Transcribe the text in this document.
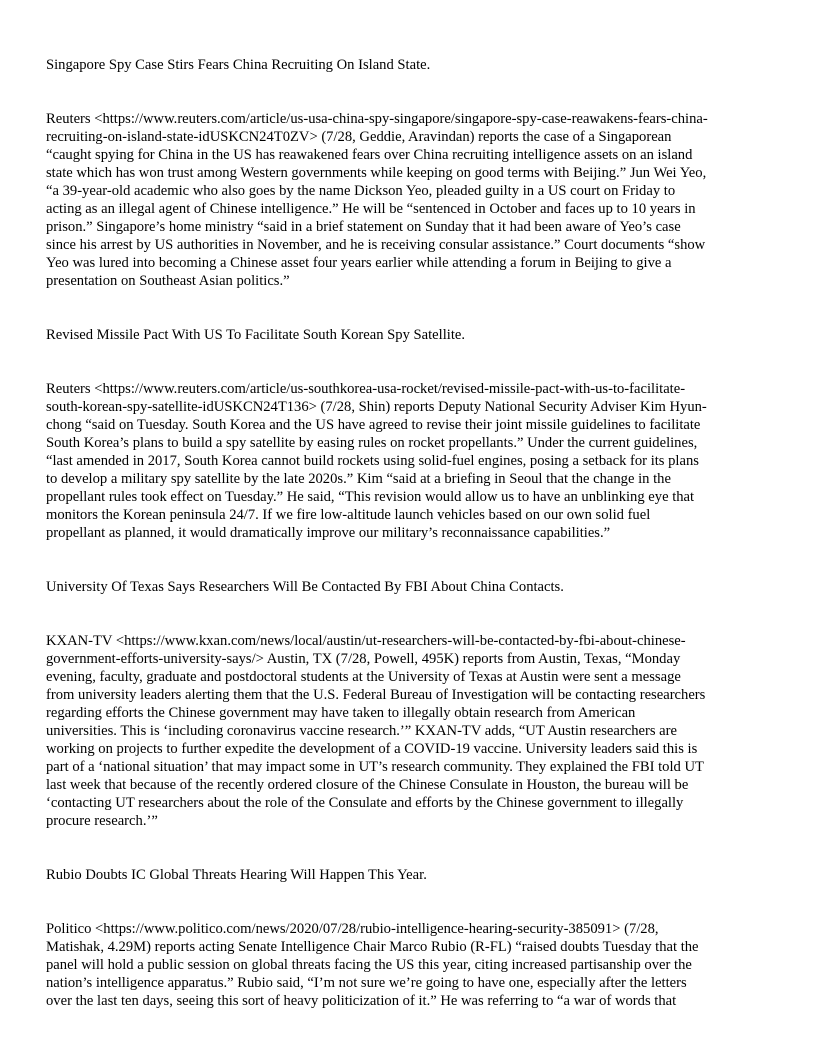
Singapore Spy Case Stirs Fears China Recruiting On Island State.

Reuters <https://www.reuters.com/article/us-usa-china-spy-singapore/singapore-spy-case-reawakens-fears-china-
recruiting-on-island-state-idUSKCN24T0ZV> (7/28, Geddie, Aravindan) reports the case of a Singaporean
“caught spying for China in the US has reawakened fears over China recruiting intelligence assets on an island
state which has won trust among Western governments while keeping on good terms with Beijing.” Jun Wei Yeo,
“a 39-year-old academic who also goes by the name Dickson Yeo, pleaded guilty in a US court on Friday to
acting as an illegal agent of Chinese intelligence.” He will be “sentenced in October and faces up to 10 years in
prison.” Singapore’s home ministry “said in a brief statement on Sunday that it had been aware of Yeo’s case
since his arrest by US authorities in November, and he is receiving consular assistance.” Court documents “show
Yeo was lured into becoming a Chinese asset four years earlier while attending a forum in Beijing to give a
presentation on Southeast Asian politics.”

Revised Missile Pact With US To Facilitate South Korean Spy Satellite.

Reuters <https://www.reuters.com/article/us-southkorea-usa-rocket/revised-missile-pact-with-us-to-facilitate-
south-korean-spy-satellite-idUSKCN24T136> (7/28, Shin) reports Deputy National Security Adviser Kim Hyun-
chong “said on Tuesday. South Korea and the US have agreed to revise their joint missile guidelines to facilitate
South Korea’s plans to build a spy satellite by easing rules on rocket propellants.” Under the current guidelines,
“last amended in 2017, South Korea cannot build rockets using solid-fuel engines, posing a setback for its plans
to develop a military spy satellite by the late 2020s.” Kim “said at a briefing in Seoul that the change in the
propellant rules took effect on Tuesday.” He said, “This revision would allow us to have an unblinking eye that
monitors the Korean peninsula 24/7. If we fire low-altitude launch vehicles based on our own solid fuel
propellant as planned, it would dramatically improve our military’s reconnaissance capabilities.”

University Of Texas Says Researchers Will Be Contacted By FBI About China Contacts.

KXAN-TV <https://www.kxan.com/news/local/austin/ut-researchers-will-be-contacted-by-fbi-about-chinese-
government-efforts-university-says/> Austin, TX (7/28, Powell, 495K) reports from Austin, Texas, “Monday
evening, faculty, graduate and postdoctoral students at the University of Texas at Austin were sent a message
from university leaders alerting them that the U.S. Federal Bureau of Investigation will be contacting researchers
regarding efforts the Chinese government may have taken to illegally obtain research from American
universities. This is ‘including coronavirus vaccine research.’” KXAN-TV adds, “UT Austin researchers are
working on projects to further expedite the development of a COVID-19 vaccine. University leaders said this is
part of a ‘national situation’ that may impact some in UT’s research community. They explained the FBI told UT
last week that because of the recently ordered closure of the Chinese Consulate in Houston, the bureau will be
‘contacting UT researchers about the role of the Consulate and efforts by the Chinese government to illegally
procure research.’”

Rubio Doubts IC Global Threats Hearing Will Happen This Year.

Politico <https://www.politico.com/news/2020/07/28/rubio-intelligence-hearing-security-385091> (7/28,
Matishak, 4.29M) reports acting Senate Intelligence Chair Marco Rubio (R-FL) “raised doubts Tuesday that the
panel will hold a public session on global threats facing the US this year, citing increased partisanship over the
nation’s intelligence apparatus.” Rubio said, “I’m not sure we’re going to have one, especially after the letters
over the last ten days, seeing this sort of heavy politicization of it.” He was referring to “a war of words that
